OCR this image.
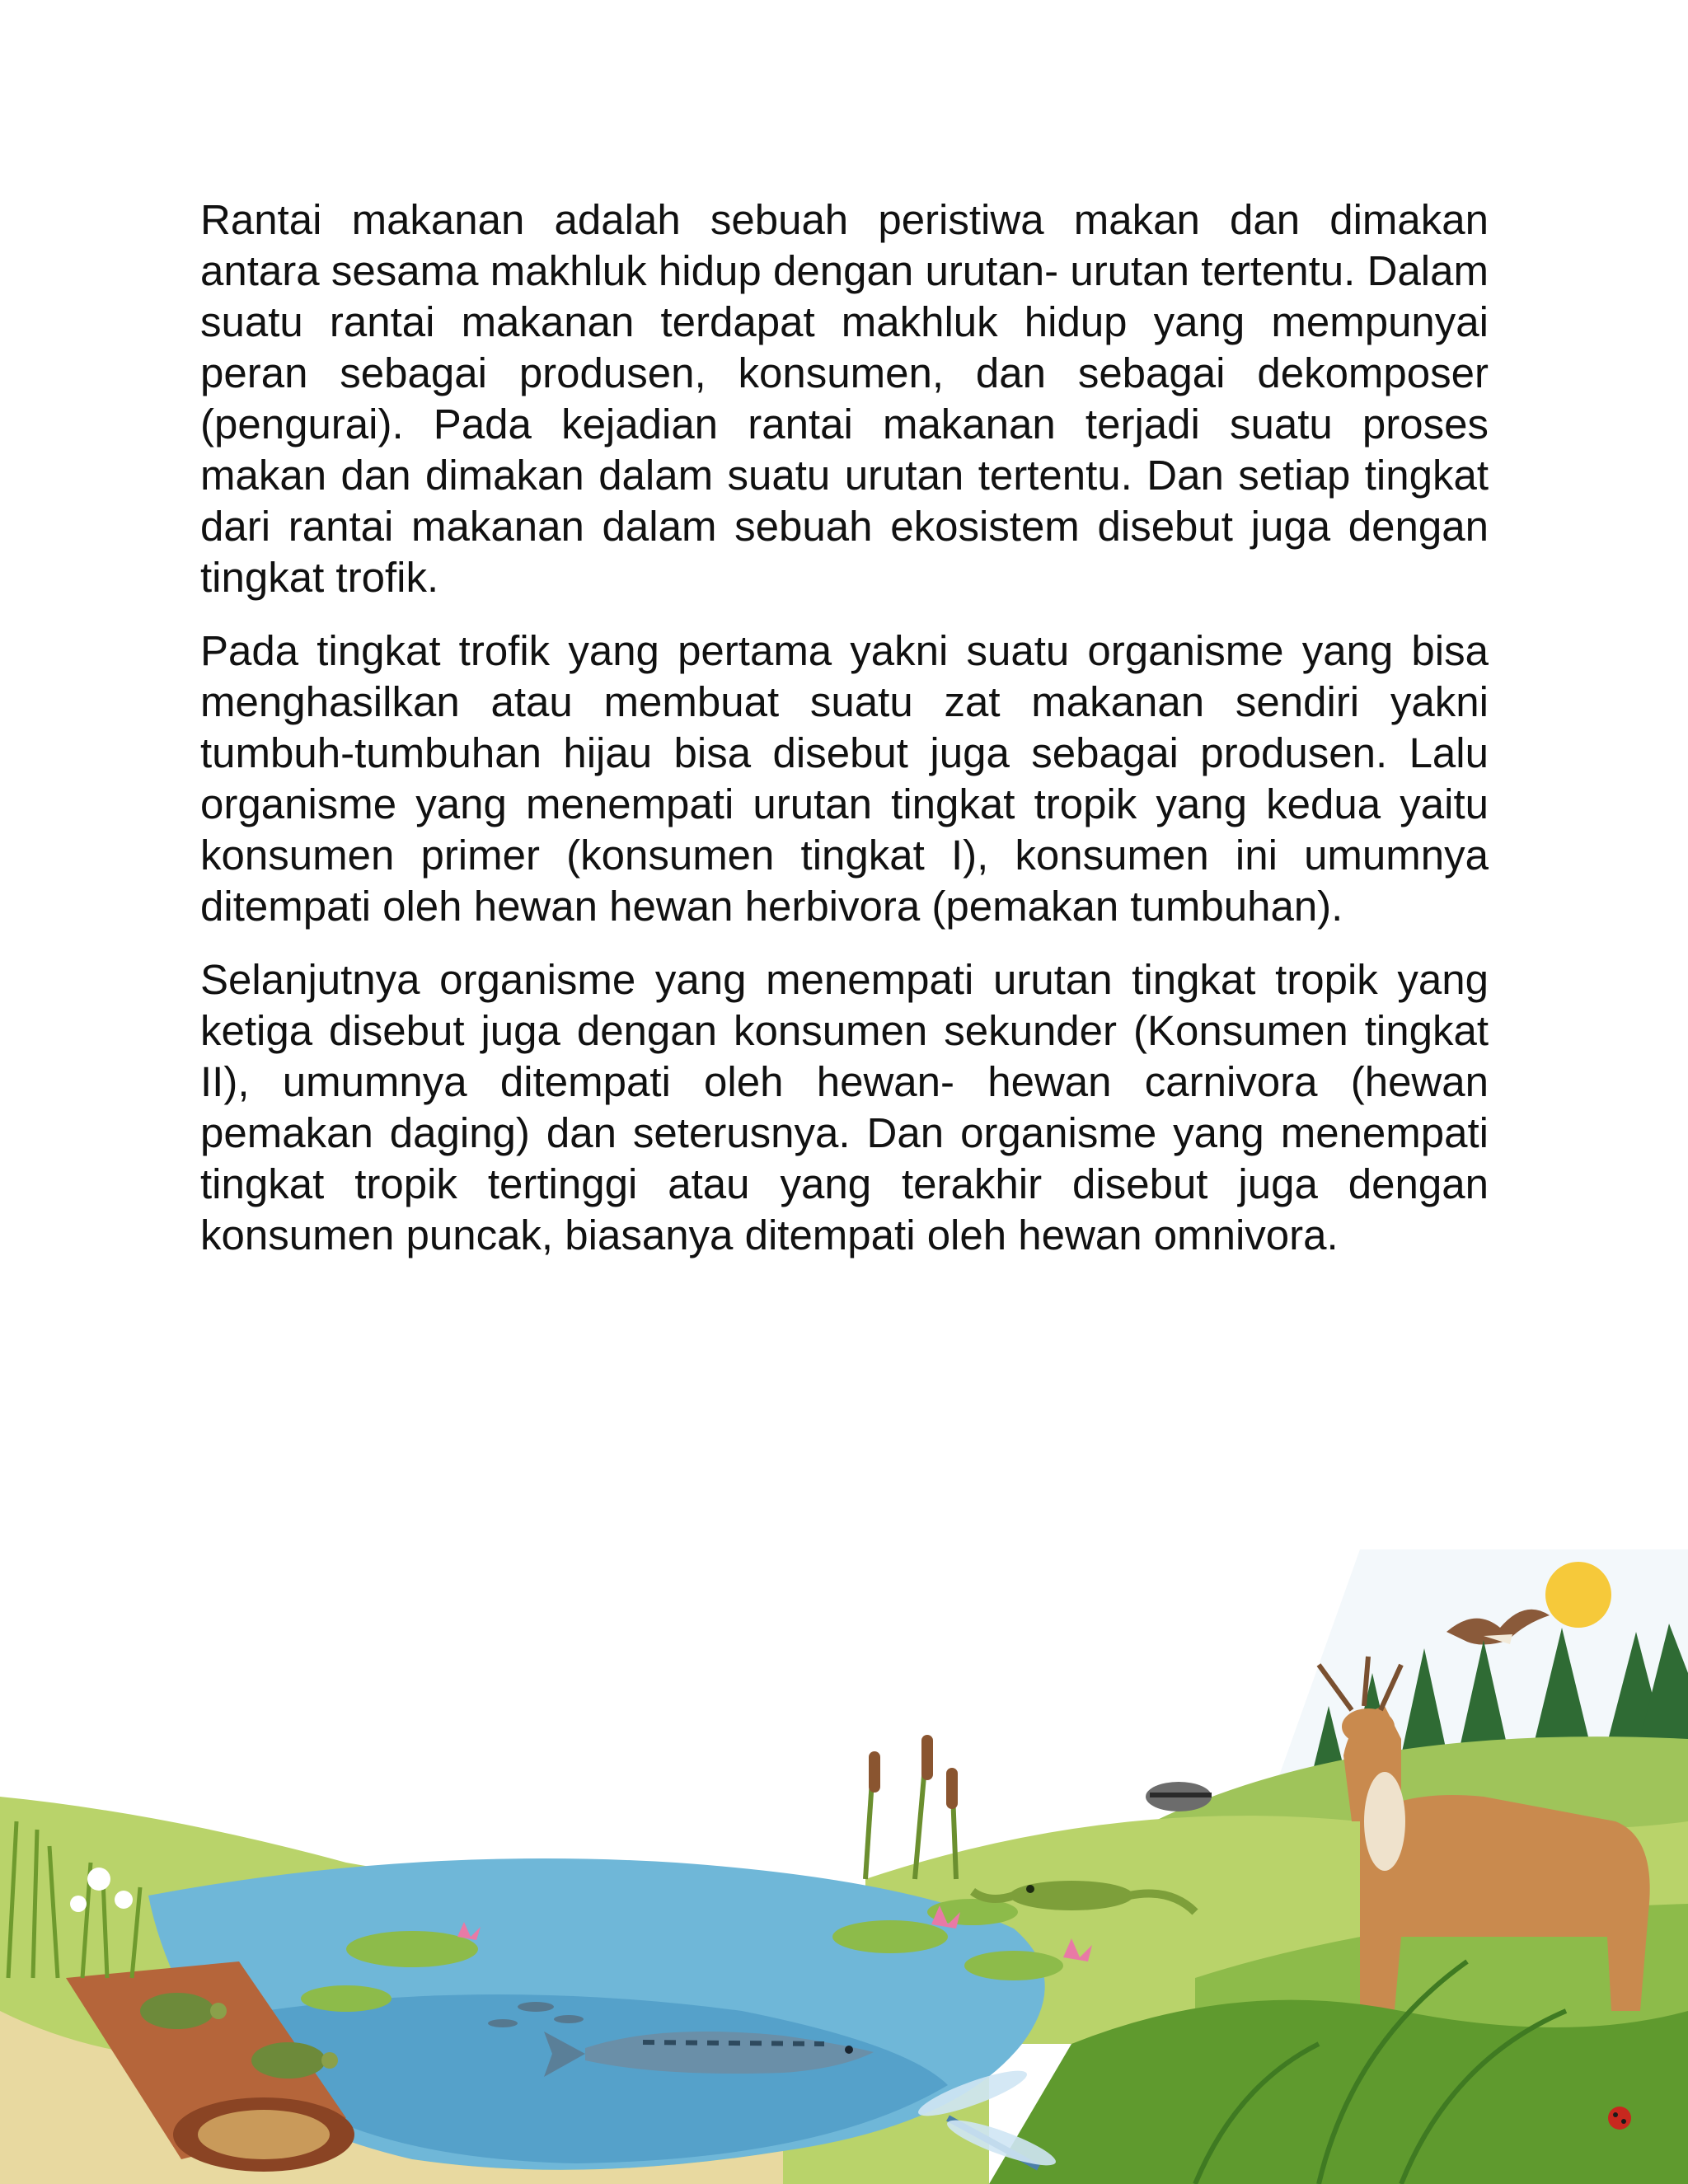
Rantai makanan adalah sebuah peristiwa makan dan dimakan antara sesama makhluk hidup dengan urutan- urutan tertentu. Dalam suatu rantai makanan terdapat makhluk hidup yang mempunyai peran sebagai produsen, konsumen, dan sebagai dekomposer (pengurai). Pada kejadian rantai makanan terjadi suatu proses makan dan dimakan dalam suatu urutan tertentu. Dan setiap tingkat dari rantai makanan dalam sebuah ekosistem disebut juga dengan tingkat trofik.

Pada tingkat trofik yang pertama yakni suatu organisme yang bisa menghasilkan atau membuat suatu zat makanan sendiri yakni tumbuh-tumbuhan hijau bisa disebut juga sebagai produsen. Lalu organisme yang menempati urutan tingkat tropik yang kedua yaitu konsumen primer (konsumen tingkat I), konsumen ini umumnya ditempati oleh hewan hewan herbivora (pemakan tumbuhan).

Selanjutnya organisme yang menempati urutan tingkat tropik yang ketiga disebut juga dengan konsumen sekunder (Konsumen tingkat II), umumnya ditempati oleh hewan- hewan carnivora (hewan pemakan daging) dan seterusnya. Dan organisme yang menempati tingkat tropik tertinggi atau yang terakhir disebut juga dengan konsumen puncak, biasanya ditempati oleh hewan omnivora.
